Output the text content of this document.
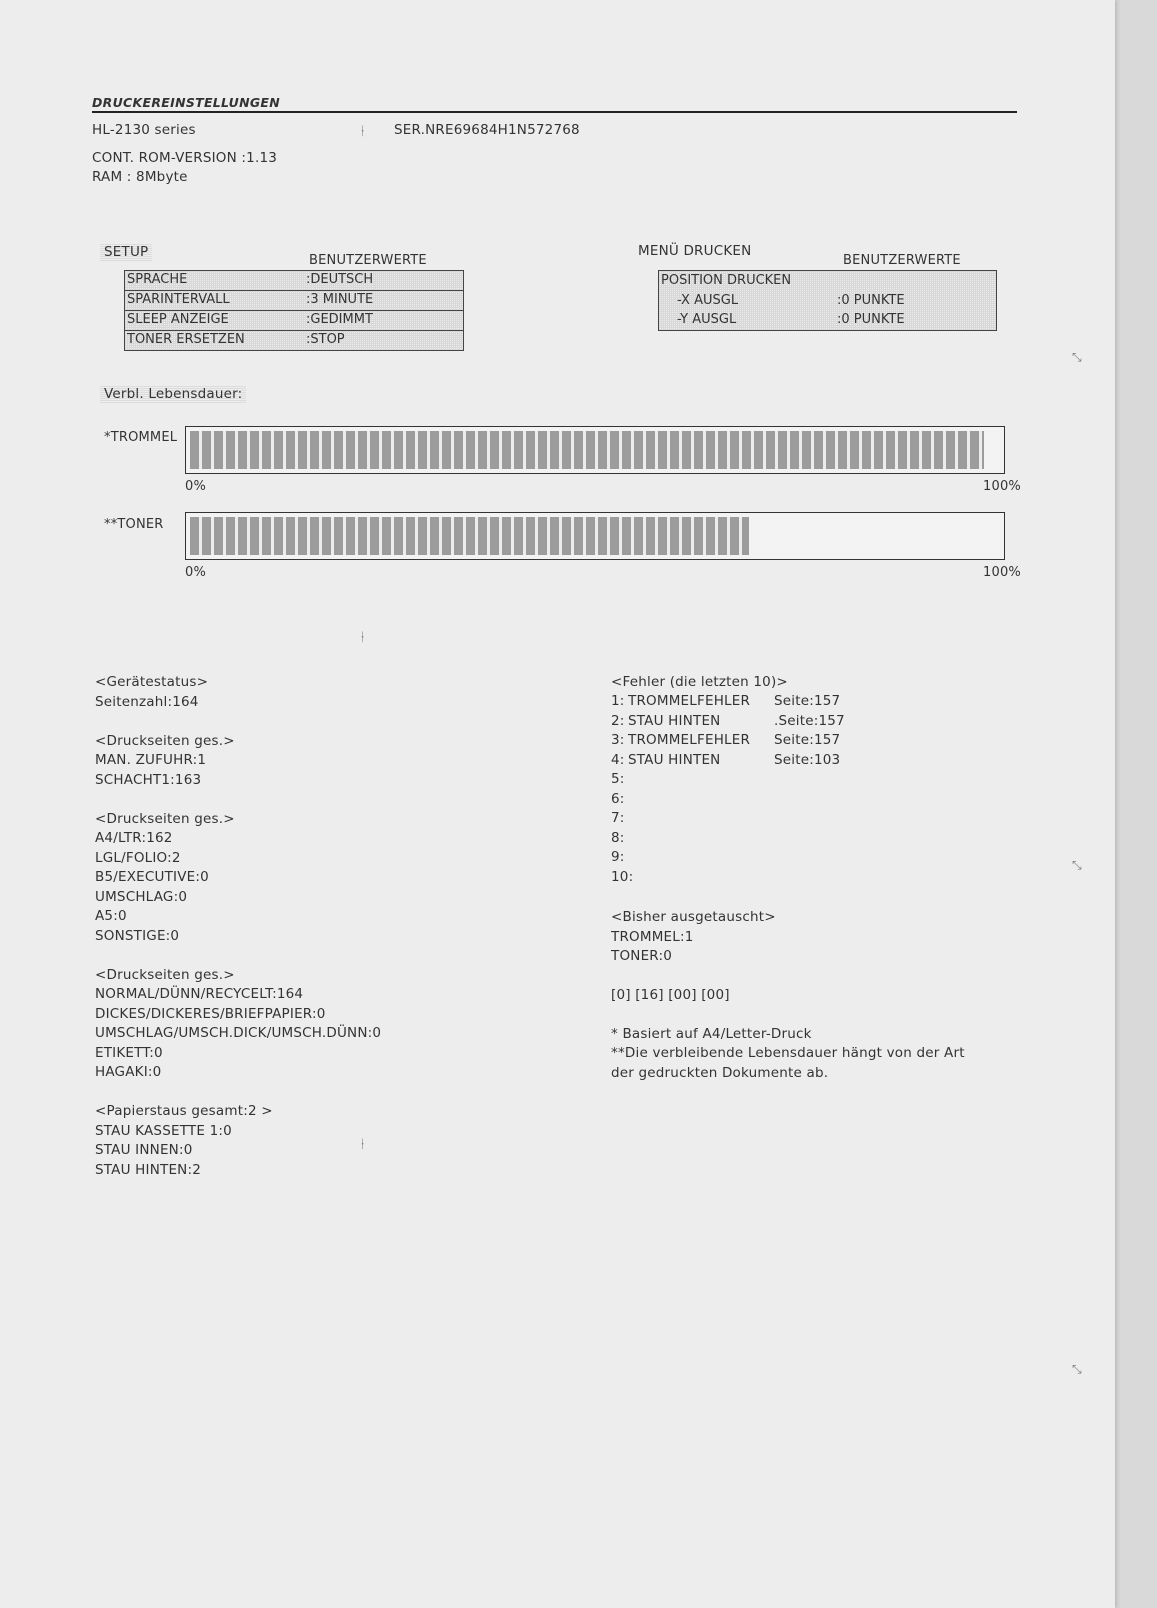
DRUCKEREINSTELLUNGEN
HL-2130 series	SER.NRE69684H1N572768
CONT. ROM-VERSION :1.13
RAM : 8Mbyte
SETUP
BENUTZERWERTE
SPRACHE	:DEUTSCH
SPARINTERVALL	:3 MINUTE
SLEEP ANZEIGE	:GEDIMMT
TONER ERSETZEN	:STOP
MENÜ DRUCKEN
BENUTZERWERTE
POSITION DRUCKEN
-X AUSGL	:0 PUNKTE
-Y AUSGL	:0 PUNKTE
Verbl. Lebensdauer:
*TROMMEL
0%	100%
**TONER
0%	100%
<Gerätestatus>
Seitenzahl:164
<Druckseiten ges.>
MAN. ZUFUHR:1
SCHACHT1:163
<Druckseiten ges.>
A4/LTR:162
LGL/FOLIO:2
B5/EXECUTIVE:0
UMSCHLAG:0
A5:0
SONSTIGE:0
<Druckseiten ges.>
NORMAL/DÜNN/RECYCELT:164
DICKES/DICKERES/BRIEFPAPIER:0
UMSCHLAG/UMSCH.DICK/UMSCH.DÜNN:0
ETIKETT:0
HAGAKI:0
<Papierstaus gesamt:2 >
STAU KASSETTE 1:0
STAU INNEN:0
STAU HINTEN:2
<Fehler (die letzten 10)>
1: TROMMELFEHLER Seite:157
2: STAU HINTEN	.Seite:157
3: TROMMELFEHLER Seite:157
4: STAU HINTEN	Seite:103
5:
6:
7:
8:
9:
10:
<Bisher ausgetauscht>
TROMMEL:1
TONER:0
[0] [16] [00] [00]
* Basiert auf A4/Letter-Druck
**Die verbleibende Lebensdauer hängt von der Art
der gedruckten Dokumente ab.
ᚽ
ᚽ
ᚽ
⤡
⤡
⤡
